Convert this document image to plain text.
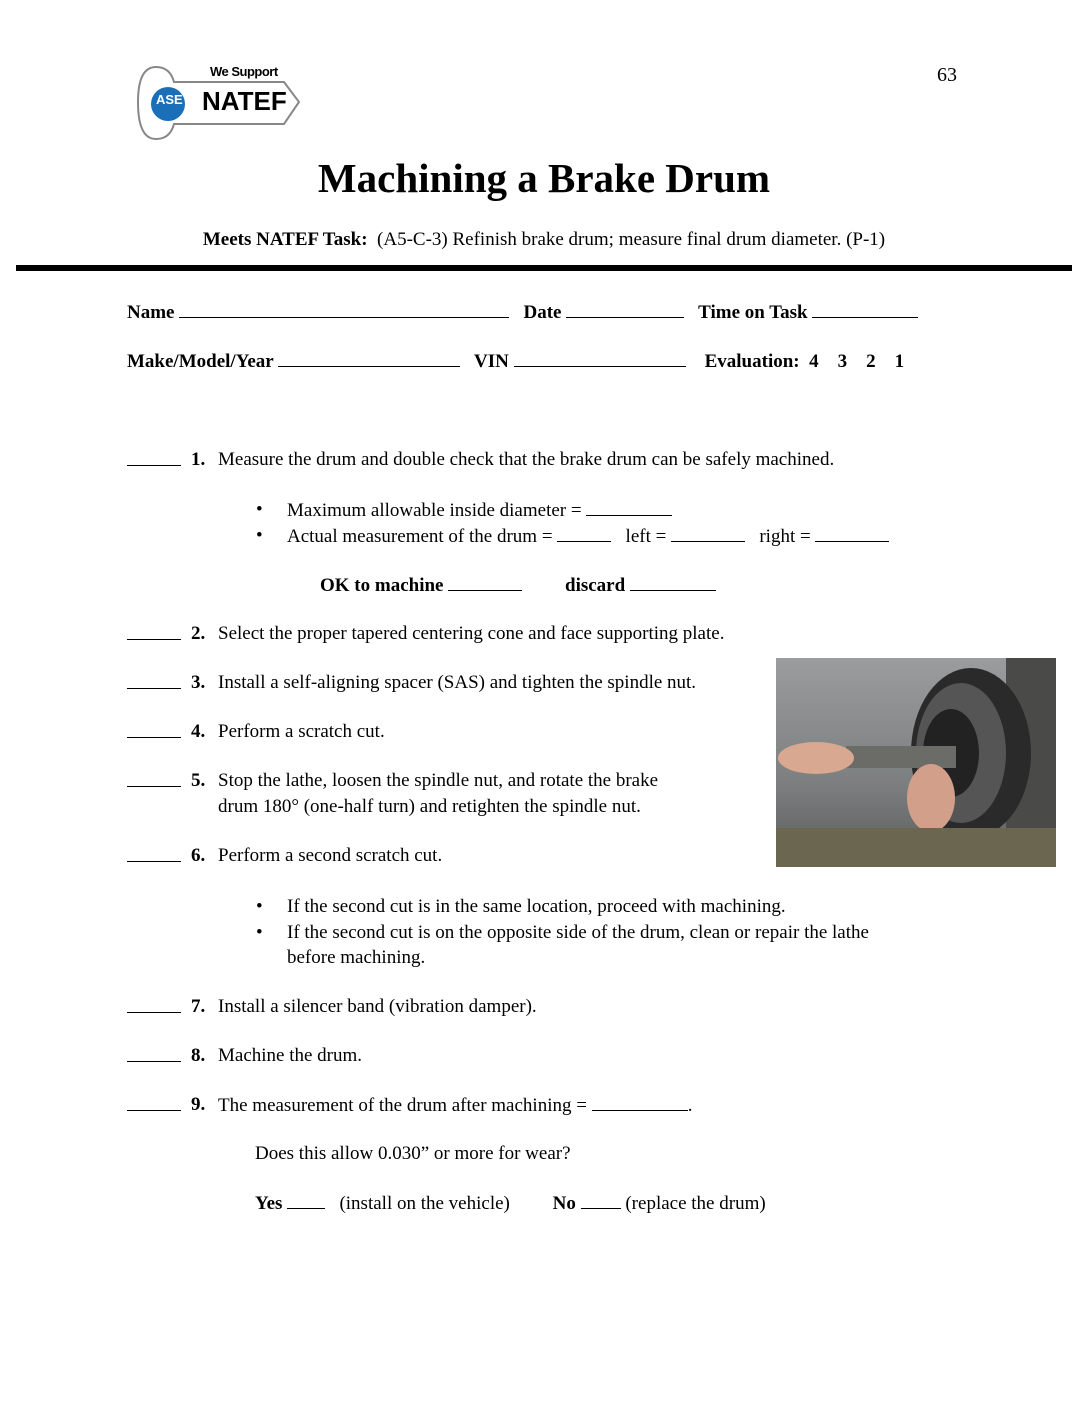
63
ASE
We Support
NATEF
Machining a Brake Drum
Meets NATEF Task: (A5-C-3) Refinish brake drum; measure final drum diameter. (P-1)
Name	Date	Time on Task
Make/Model/Year	VIN	Evaluation: 4 3 2 1
1. Measure the drum and double check that the brake drum can be safely machined.
• Maximum allowable inside diameter =
• Actual measurement of the drum =	left =	right =
OK to machine	discard
2. Select the proper tapered centering cone and face supporting plate.
3. Install a self-aligning spacer (SAS) and tighten the spindle nut.
4. Perform a scratch cut.
5. Stop the lathe, loosen the spindle nut, and rotate the brake
drum 180° (one-half turn) and retighten the spindle nut.
6. Perform a second scratch cut.
• If the second cut is in the same location, proceed with machining.
• If the second cut is on the opposite side of the drum, clean or repair the lathe
before machining.
7. Install a silencer band (vibration damper).
8. Machine the drum.
9. The measurement of the drum after machining =	.
Does this allow 0.030” or more for wear?
Yes	(install on the vehicle) No	(replace the drum)
